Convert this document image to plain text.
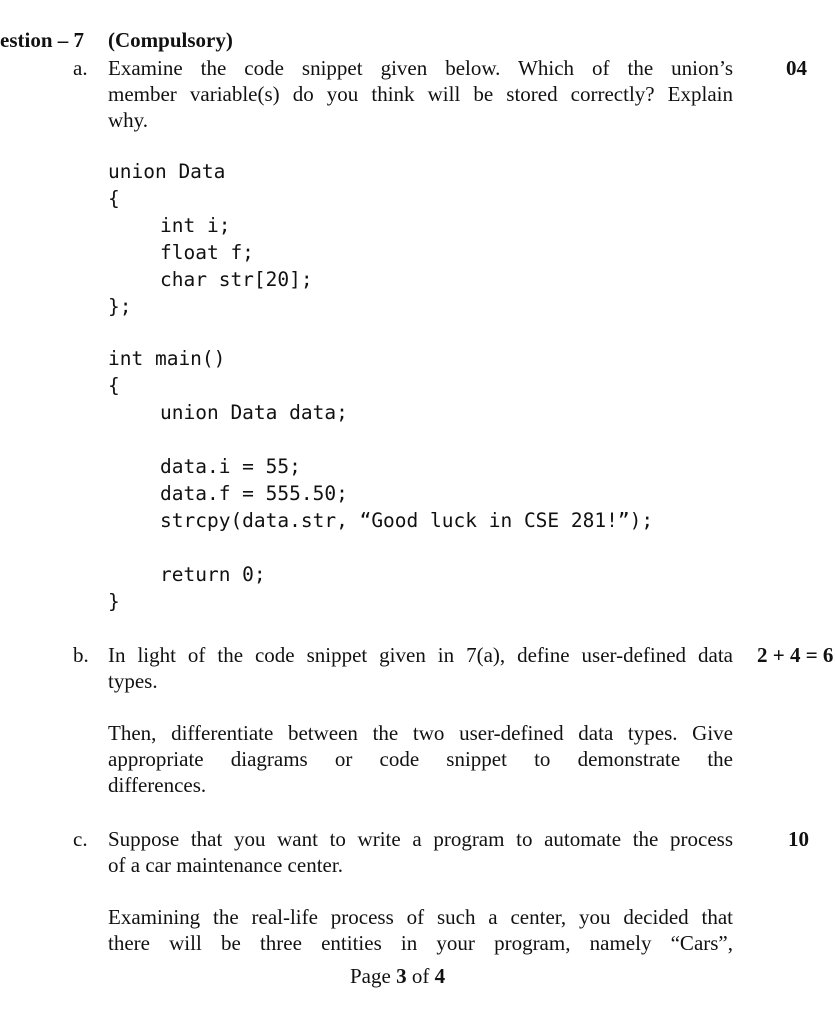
estion – 7 (Compulsory)
a.	04
Examine the code snippet given below. Which of the union’s
member variable(s) do you think will be stored correctly? Explain
why.
union Data
{
int i;
float f;
char str[20];
};
int main()
{
union Data data;
data.i = 55;
data.f = 555.50;
strcpy(data.str, “Good luck in CSE 281!”);
return 0;
}
b.	2 + 4 = 6
In light of the code snippet given in 7(a), define user-defined data
types.
Then, differentiate between the two user-defined data types. Give
appropriate diagrams or code snippet to demonstrate the
differences.
c.	10
Suppose that you want to write a program to automate the process
of a car maintenance center.
Examining the real-life process of such a center, you decided that
there will be three entities in your program, namely “Cars”,
Page 3 of 4
